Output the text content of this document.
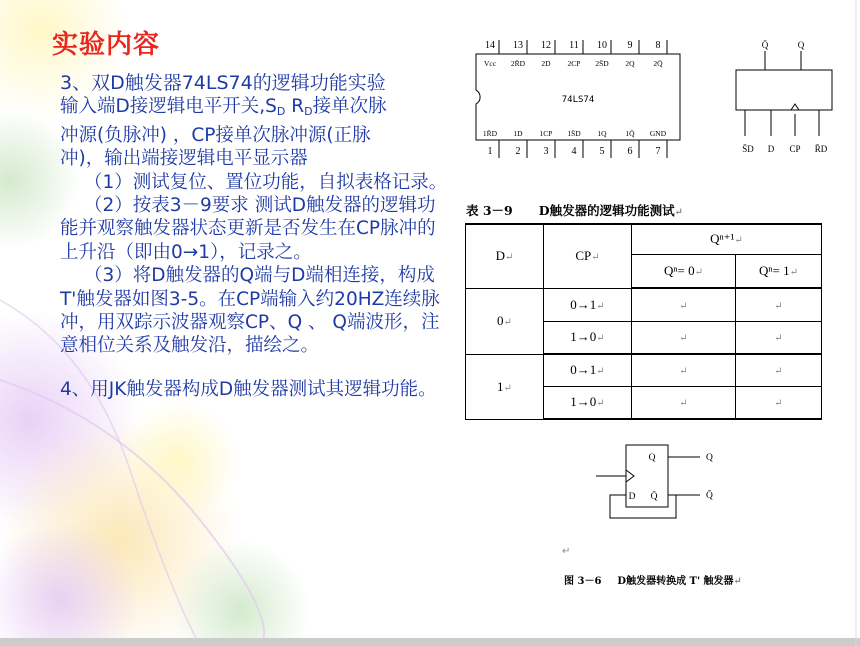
实验内容

3、双D触发器74LS74的逻辑功能实验

输入端D接逻辑电平开关$,S_D$ $R_D$接单次脉

冲源(负脉冲) ，CP接单次脉冲源(正脉

冲)，输出端接逻辑电平显示器

（1）测试复位、置位功能，自拟表格记录。

（2）按表3－9要求 测试D触发器的逻辑功能并观察触发器状态更新是否发生在CP脉冲的上升沿（即由0→1），记录之。

（3）将D触发器的Q端与D端相连接，构成T'触发器如图3-5。在CP端输入约20HZ连续脉冲，用双踪示波器观察CP、Q 、 Q端波形，注意相位关系及触发沿，描绘之。

4、用JK触发器构成D触发器测试其逻辑功能。

14 13 12 11 10 9 8
Vcc 2R̄D 2D 2CP 2S̄D 2Q	2Q̄
74LS74
1R̄D 1D 1CP 1S̄D 1Q	1Q̄ GND
1 2 3 4 5 6 7
Q̄	Q
S̄D D CP R̄D
表 3－9 D触发器的逻辑功能测试↵
D↵	CP↵	Qⁿ⁺¹↵	
		Qⁿ= 0↵	Qⁿ= 1↵
0↵	0→1↵	↵	↵
	1→0↵	↵	↵
1↵	0→1↵	↵	↵
	1→0↵	↵	↵
Q
D Q̄
Q
Q̄
↵
图 3－6 D触发器转换成 T' 触发器↵
